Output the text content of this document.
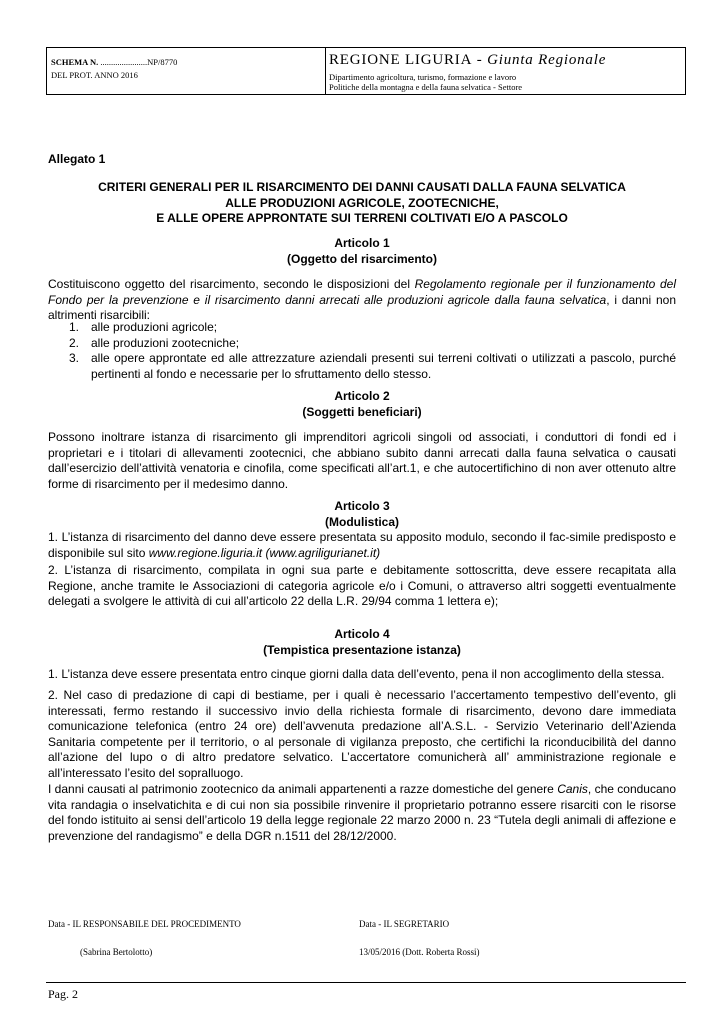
SCHEMA N. ......................NP/8770
DEL PROT. ANNO 2016
REGIONE LIGURIA - Giunta Regionale
Dipartimento agricoltura, turismo, formazione e lavoro
Politiche della montagna e della fauna selvatica - Settore
Allegato 1
CRITERI GENERALI PER IL RISARCIMENTO DEI DANNI CAUSATI DALLA FAUNA SELVATICA
ALLE PRODUZIONI AGRICOLE, ZOOTECNICHE,
E ALLE OPERE APPRONTATE SUI TERRENI COLTIVATI E/O A PASCOLO
Articolo 1
(Oggetto del risarcimento)
Costituiscono oggetto del risarcimento, secondo le disposizioni del Regolamento regionale per il funzionamento del Fondo per la prevenzione e il risarcimento danni arrecati alle produzioni agricole dalla fauna selvatica, i danni non altrimenti risarcibili:
1. alle produzioni agricole;
2. alle produzioni zootecniche;
3. alle opere approntate ed alle attrezzature aziendali presenti sui terreni coltivati o utilizzati a pascolo, purché pertinenti al fondo e necessarie per lo sfruttamento dello stesso.
Articolo 2
(Soggetti beneficiari)
Possono inoltrare istanza di risarcimento gli imprenditori agricoli singoli od associati, i conduttori di fondi ed i proprietari e i titolari di allevamenti zootecnici, che abbiano subito danni arrecati dalla fauna selvatica o causati dall’esercizio dell’attività venatoria e cinofila, come specificati all’art.1, e che autocertifichino di non aver ottenuto altre forme di risarcimento per il medesimo danno.
Articolo 3
(Modulistica)
1. L’istanza di risarcimento del danno deve essere presentata su apposito modulo, secondo il fac-simile predisposto e disponibile sul sito www.regione.liguria.it (www.agriligurianet.it)
2. L’istanza di risarcimento, compilata in ogni sua parte e debitamente sottoscritta, deve essere recapitata alla Regione, anche tramite le Associazioni di categoria agricole e/o i Comuni, o attraverso altri soggetti eventualmente delegati a svolgere le attività di cui all’articolo 22 della L.R. 29/94 comma 1 lettera e);
Articolo 4
(Tempistica presentazione istanza)
1. L’istanza deve essere presentata entro cinque giorni dalla data dell’evento, pena il non accoglimento della stessa.
2. Nel caso di predazione di capi di bestiame, per i quali è necessario l’accertamento tempestivo dell’evento, gli interessati, fermo restando il successivo invio della richiesta formale di risarcimento, devono dare immediata comunicazione telefonica (entro 24 ore) dell’avvenuta predazione all’A.S.L. - Servizio Veterinario dell’Azienda Sanitaria competente per il territorio, o al personale di vigilanza preposto, che certifichi la riconducibilità del danno all’azione del lupo o di altro predatore selvatico. L’accertatore comunicherà all’ amministrazione regionale e all’interessato l’esito del sopralluogo.
I danni causati al patrimonio zootecnico da animali appartenenti a razze domestiche del genere Canis, che conducano vita randagia o inselvatichita e di cui non sia possibile rinvenire il proprietario potranno essere risarciti con le risorse del fondo istituito ai sensi dell’articolo 19 della legge regionale 22 marzo 2000 n. 23 “Tutela degli animali di affezione e prevenzione del randagismo” e della DGR n.1511 del 28/12/2000.
Data - IL RESPONSABILE DEL PROCEDIMENTO	Data - IL SEGRETARIO
(Sabrina Bertolotto)	13/05/2016 (Dott. Roberta Rossi)
Pag. 2
